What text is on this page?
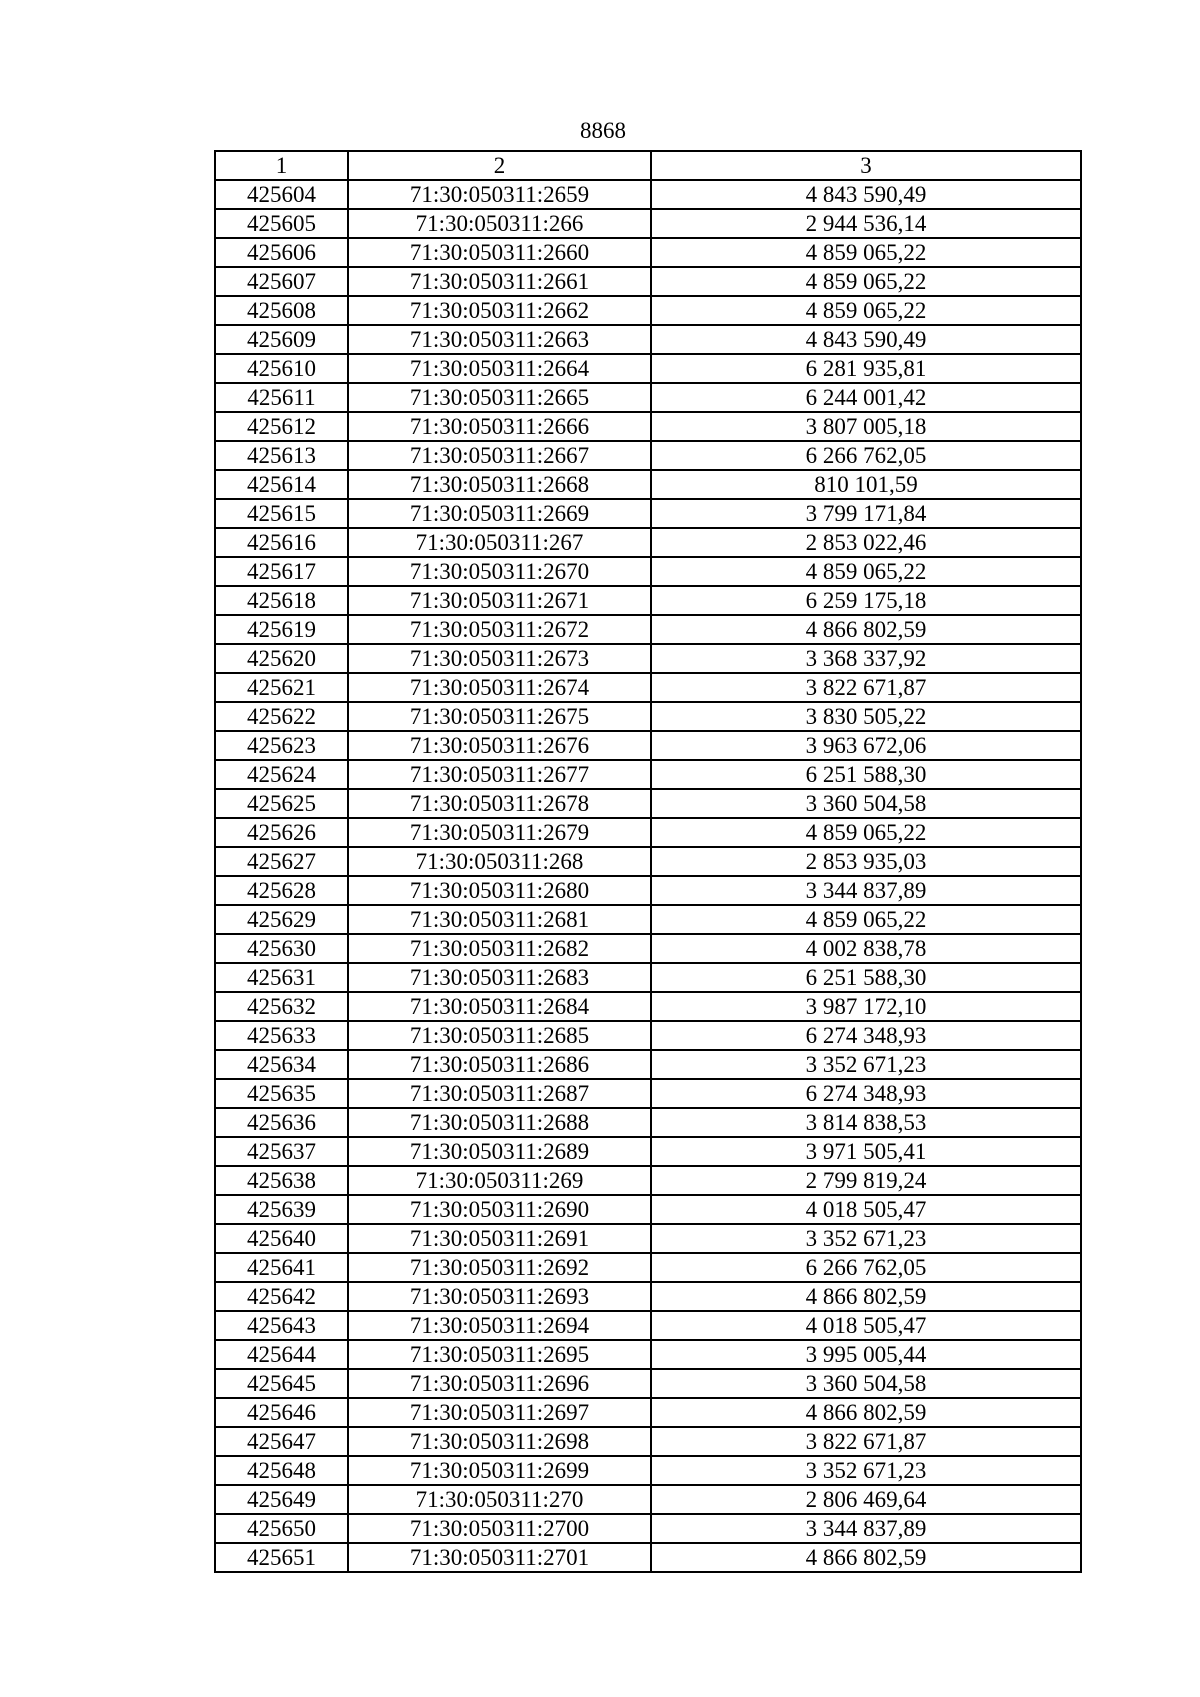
8868
1	2	3
425604	71:30:050311:2659	4 843 590,49
425605	71:30:050311:266	2 944 536,14
425606	71:30:050311:2660	4 859 065,22
425607	71:30:050311:2661	4 859 065,22
425608	71:30:050311:2662	4 859 065,22
425609	71:30:050311:2663	4 843 590,49
425610	71:30:050311:2664	6 281 935,81
425611	71:30:050311:2665	6 244 001,42
425612	71:30:050311:2666	3 807 005,18
425613	71:30:050311:2667	6 266 762,05
425614	71:30:050311:2668	810 101,59
425615	71:30:050311:2669	3 799 171,84
425616	71:30:050311:267	2 853 022,46
425617	71:30:050311:2670	4 859 065,22
425618	71:30:050311:2671	6 259 175,18
425619	71:30:050311:2672	4 866 802,59
425620	71:30:050311:2673	3 368 337,92
425621	71:30:050311:2674	3 822 671,87
425622	71:30:050311:2675	3 830 505,22
425623	71:30:050311:2676	3 963 672,06
425624	71:30:050311:2677	6 251 588,30
425625	71:30:050311:2678	3 360 504,58
425626	71:30:050311:2679	4 859 065,22
425627	71:30:050311:268	2 853 935,03
425628	71:30:050311:2680	3 344 837,89
425629	71:30:050311:2681	4 859 065,22
425630	71:30:050311:2682	4 002 838,78
425631	71:30:050311:2683	6 251 588,30
425632	71:30:050311:2684	3 987 172,10
425633	71:30:050311:2685	6 274 348,93
425634	71:30:050311:2686	3 352 671,23
425635	71:30:050311:2687	6 274 348,93
425636	71:30:050311:2688	3 814 838,53
425637	71:30:050311:2689	3 971 505,41
425638	71:30:050311:269	2 799 819,24
425639	71:30:050311:2690	4 018 505,47
425640	71:30:050311:2691	3 352 671,23
425641	71:30:050311:2692	6 266 762,05
425642	71:30:050311:2693	4 866 802,59
425643	71:30:050311:2694	4 018 505,47
425644	71:30:050311:2695	3 995 005,44
425645	71:30:050311:2696	3 360 504,58
425646	71:30:050311:2697	4 866 802,59
425647	71:30:050311:2698	3 822 671,87
425648	71:30:050311:2699	3 352 671,23
425649	71:30:050311:270	2 806 469,64
425650	71:30:050311:2700	3 344 837,89
425651	71:30:050311:2701	4 866 802,59
